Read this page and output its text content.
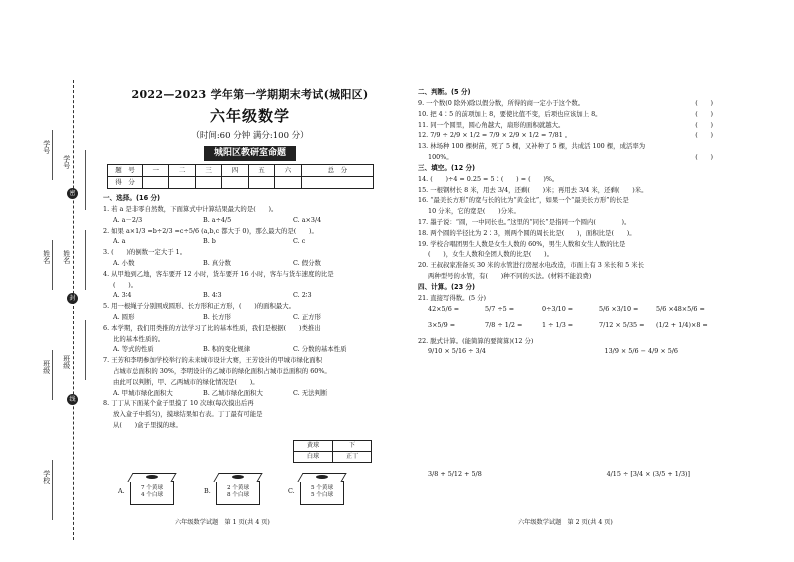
学号
密
姓名
封
班级
线
学号
姓名
班级
学校
2022—2023 学年第一学期期末考试(城阳区)
六年级数学
（时间:60 分钟 满分:100 分）
城阳区教研室命题
题　号	一	二	三	四	五	六	总　分
得　分							

一、选择。(16 分)

1. 若 a 是非零自然数，下面算式中计算结果最大的是(　　)。

A. a－2/3	B. a÷4/5	C. a×3/4

2. 如果 a×1/3 =b÷2/3 =c÷5/6 (a,b,c 都大于 0)，那么最大的是(　　)。

A. a	B. b	C. c

3. (　　)的倒数一定大于 1。

A. 小数	B. 真分数	C. 假分数

4. 从甲地到乙地，客车要开 12 小时，货车要开 16 小时，客车与货车速度的比是

(　　)。

A. 3∶4	B. 4∶3	C. 2∶3

5. 用一根绳子分别围成圆形、长方形和正方形，(　　)的面积最大。

A. 圆形	B. 长方形	C. 正方形

6. 本学期，我们用类推的方法学习了比的基本性质，我们是根据(　　)类推出

比的基本性质的。

A. 等式的性质	B. 积的变化规律	C. 分数的基本性质

7. 王芳和李明参加学校举行的未来城市设计大赛，王芳设计的甲城市绿化面积

占城市总面积的 30%，李明设计的乙城市的绿化面积占城市总面积的 60%。

由此可以判断，甲、乙两城市的绿化情况是(　　)。

A. 甲城市绿化面积大	B. 乙城市绿化面积大	C. 无法判断

8. 丁丁从下面某个盒子里摸了 10 次球(每次摸出后再

放入盒子中摇匀)，摸球结果如右表。丁丁最有可能是

从(　　)盒子里摸的球。

黄球	下
白球	正丅
A.	7 个黄球
4 个白球	B.	2 个黄球
8 个白球	C.	5 个黄球
5 个白球
六年级数学试题　第 1 页(共 4 页)

二、判断。(5 分)

9. 一个数(0 除外)除以假分数，所得的商一定小于这个数。	(　　)

10. 把 4∶5 的前项加上 8，要使比值不变，后项也应该加上 8。	(　　)

11. 同一个圆里，圆心角越大，扇形的面积就越大。	(　　)

12. 7/9 ÷ 2/9 × 1/2 = 7/9 × 2/9 × 1/2 = 7/81 。	(　　)

13. 林场种 100 棵树苗，死了 5 棵，又补种了 5 棵，共成活 100 棵，成活率为

100%。	(　　)

三、填空。(12 分)

14. (　　)÷4 = 0.25 = 5∶(　　) = (　　)%。

15. 一根钢材长 8 米，用去 3/4，还剩(　　)米；再用去 3/4 米，还剩(　　)米。

16. “最美长方形”的宽与长的比为“黄金比”，如果一个“最美长方形”的长是

10 分米，它的宽是(　　)分米。

17. 墨子说：“圆，一中同长也。”这里的“同长”是指同一个圆内(　　　　)。

18. 两个圆的半径比为 2∶3，则两个圆的周长比是(　　)，面积比是(　　)。

19. 学校合唱团男生人数是女生人数的 60%，男生人数和女生人数的比是

(　　)，女生人数和全团人数的比是(　　)。

20. 王叔叔家准备买 30 米的水管进行房屋水电改造，市面上有 3 米长和 5 米长

两种型号的水管，有(　　)种不同的买法。(材料不能浪费)

四、计算。(23 分)

21. 直接写得数。(5 分)

42×5/6 =	5/7 ÷5 =	0÷3/10 =	5/6 ×3/10 =	5/6 ×48×5/6 =
3×5/9 =	7/8 ÷ 1/2 =	1 ÷ 1/3 =	7/12 × 5/35 =	(1/2 + 1/4)×8 =

22. 脱式计算。(能简算的要简算)(12 分)

9/10 × 5/16 ÷ 3/4	13/9 × 5/6 − 4/9 × 5/6
3/8 + 5/12 + 5/8	4/15 ÷ [3/4 × (3/5 + 1/3)]
六年级数学试题　第 2 页(共 4 页)
